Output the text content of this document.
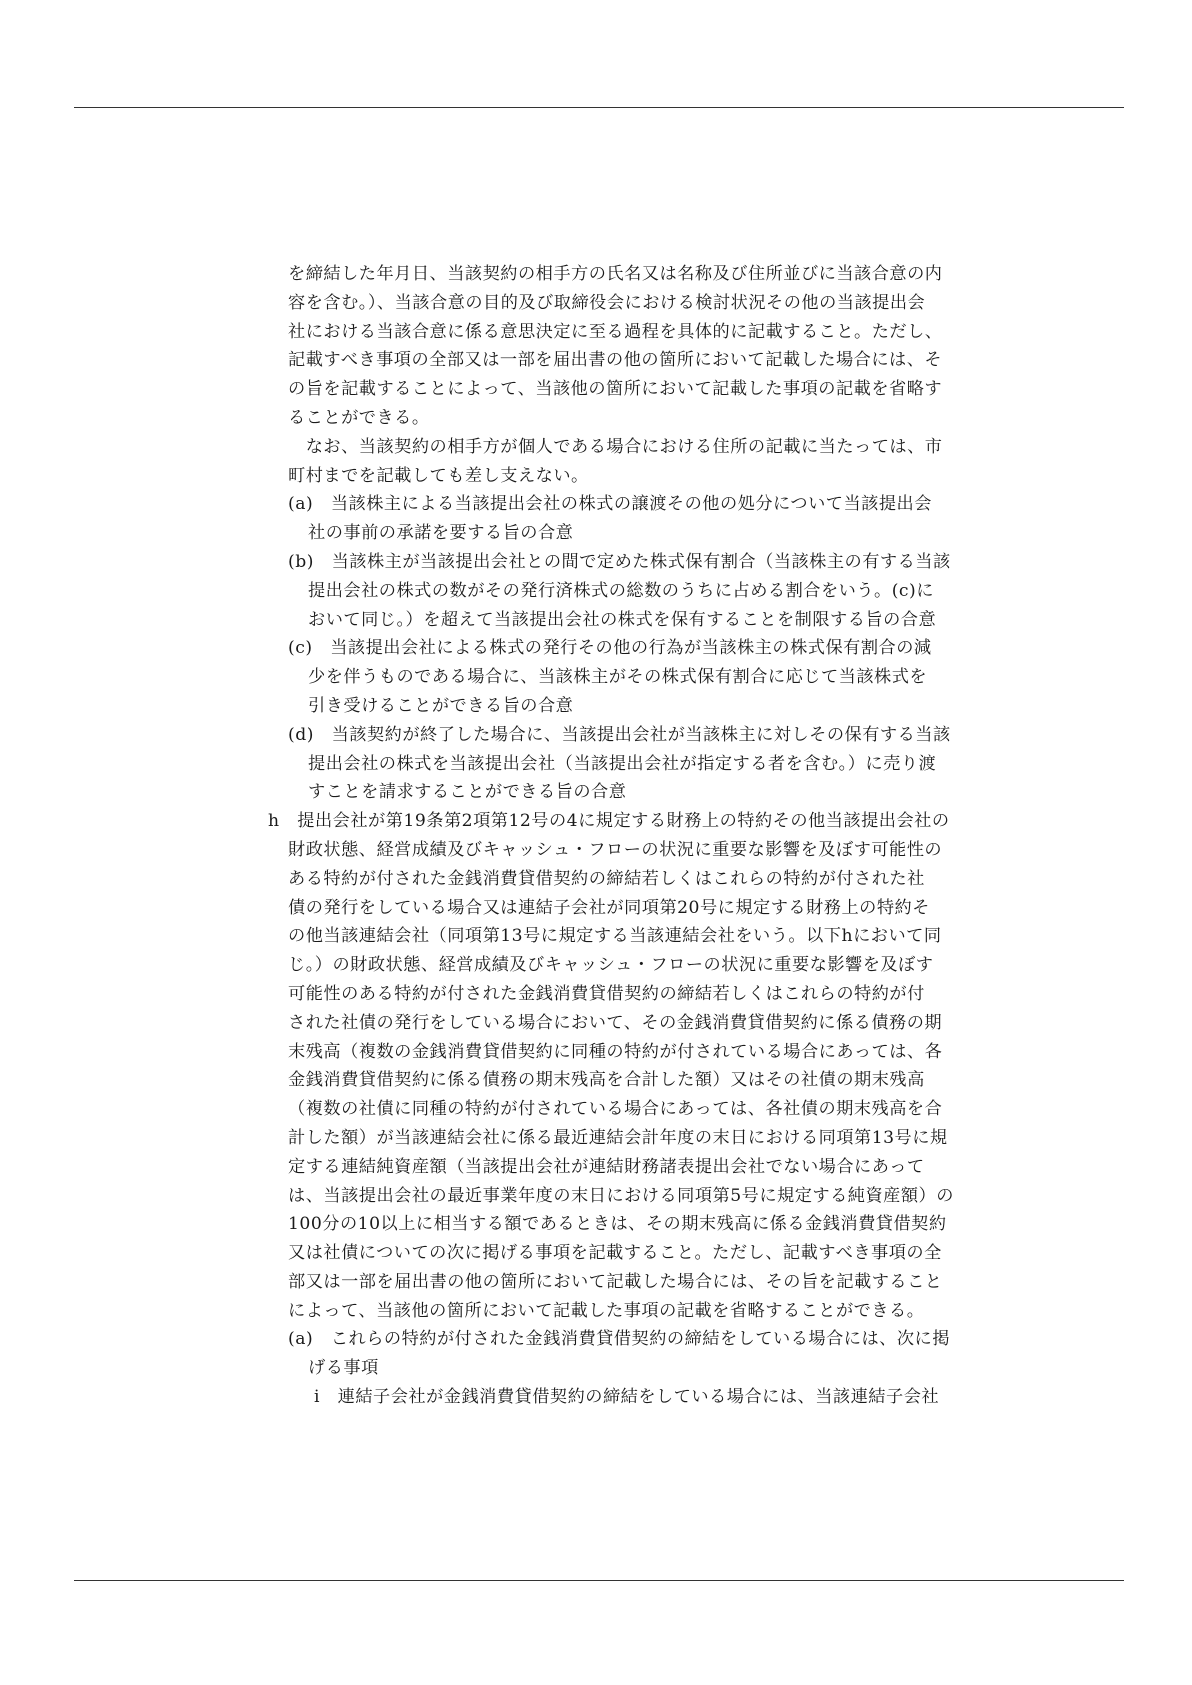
を締結した年月日、当該契約の相手方の氏名又は名称及び住所並びに当該合意の内
容を含む。）、当該合意の目的及び取締役会における検討状況その他の当該提出会
社における当該合意に係る意思決定に至る過程を具体的に記載すること。ただし、
記載すべき事項の全部又は一部を届出書の他の箇所において記載した場合には、そ
の旨を記載することによって、当該他の箇所において記載した事項の記載を省略す
ることができる。
　なお、当該契約の相手方が個人である場合における住所の記載に当たっては、市
町村までを記載しても差し支えない。
(a)　当該株主による当該提出会社の株式の譲渡その他の処分について当該提出会
社の事前の承諾を要する旨の合意
(b)　当該株主が当該提出会社との間で定めた株式保有割合（当該株主の有する当該
提出会社の株式の数がその発行済株式の総数のうちに占める割合をいう。(c)に
おいて同じ。）を超えて当該提出会社の株式を保有することを制限する旨の合意
(c)　当該提出会社による株式の発行その他の行為が当該株主の株式保有割合の減
少を伴うものである場合に、当該株主がその株式保有割合に応じて当該株式を
引き受けることができる旨の合意
(d)　当該契約が終了した場合に、当該提出会社が当該株主に対しその保有する当該
提出会社の株式を当該提出会社（当該提出会社が指定する者を含む。）に売り渡
すことを請求することができる旨の合意
h　提出会社が第19条第2項第12号の4に規定する財務上の特約その他当該提出会社の
財政状態、経営成績及びキャッシュ・フローの状況に重要な影響を及ぼす可能性の
ある特約が付された金銭消費貸借契約の締結若しくはこれらの特約が付された社
債の発行をしている場合又は連結子会社が同項第20号に規定する財務上の特約そ
の他当該連結会社（同項第13号に規定する当該連結会社をいう。以下hにおいて同
じ。）の財政状態、経営成績及びキャッシュ・フローの状況に重要な影響を及ぼす
可能性のある特約が付された金銭消費貸借契約の締結若しくはこれらの特約が付
された社債の発行をしている場合において、その金銭消費貸借契約に係る債務の期
末残高（複数の金銭消費貸借契約に同種の特約が付されている場合にあっては、各
金銭消費貸借契約に係る債務の期末残高を合計した額）又はその社債の期末残高
（複数の社債に同種の特約が付されている場合にあっては、各社債の期末残高を合
計した額）が当該連結会社に係る最近連結会計年度の末日における同項第13号に規
定する連結純資産額（当該提出会社が連結財務諸表提出会社でない場合にあって
は、当該提出会社の最近事業年度の末日における同項第5号に規定する純資産額）の
100分の10以上に相当する額であるときは、その期末残高に係る金銭消費貸借契約
又は社債についての次に掲げる事項を記載すること。ただし、記載すべき事項の全
部又は一部を届出書の他の箇所において記載した場合には、その旨を記載すること
によって、当該他の箇所において記載した事項の記載を省略することができる。
(a)　これらの特約が付された金銭消費貸借契約の締結をしている場合には、次に掲
げる事項
i　連結子会社が金銭消費貸借契約の締結をしている場合には、当該連結子会社
